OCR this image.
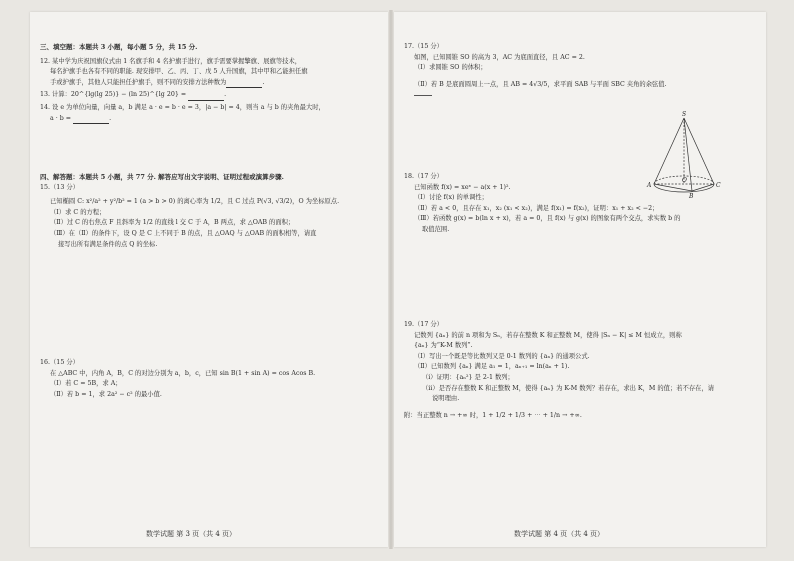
三、填空题：本题共 3 小题，每小题 5 分，共 15 分.
12. 某中学为庆祝国旗仪式由 1 名旗手和 4 名护旗手进行，旗手需要掌握擎旗、展旗等技术，
每名护旗手也各有不同的职能. 现安排甲、乙、丙、丁、戊 5 人升国旗，其中甲和乙能担任旗
手或护旗手，其他人只能担任护旗手，则不同的安排方法种数为	.
13. 计算：20^{lg(lg 25)} − (ln 25)^{lg 20} =	.
14. 设 e 为单位向量，向量 a，b 满足 a · e = b · e = 3，|a − b| = 4，则当 a 与 b 的夹角最大时，
a · b =	.
四、解答题：本题共 5 小题，共 77 分. 解答应写出文字说明、证明过程或演算步骤.
15.（13 分）
已知椭圆 C: x²/a² + y²/b² = 1 (a > b > 0) 的离心率为 1/2，且 C 过点 P(√3, √3/2)，O 为坐标原点.
（Ⅰ）求 C 的方程；
（Ⅱ）过 C 的右焦点 F 且斜率为 1/2 的直线 l 交 C 于 A，B 两点，求 △OAB 的面积；
（Ⅲ）在（Ⅱ）的条件下，设 Q 是 C 上不同于 B 的点，且 △OAQ 与 △OAB 的面积相等，请直
接写出所有满足条件的点 Q 的坐标.
16.（15 分）
在 △ABC 中，内角 A，B，C 的对边分别为 a，b，c，已知 sin B(1 + sin A) = cos Acos B.
（Ⅰ）若 C = 5B，求 A；
（Ⅱ）若 b = 1，求 2a² − c² 的最小值.
数学试题 第 3 页（共 4 页）
17.（15 分）
如图，已知圆锥 SO 的高为 3，AC 为底面直径，且 AC = 2.
（Ⅰ）求圆锥 SO 的体积；
（Ⅱ）若 B 是底面圆周上一点，且 AB = 4√3/5，求平面 SAB 与平面 SBC 夹角的余弦值.
S
A
B
C
O
18.（17 分）
已知函数 f(x) = xeˣ − a(x + 1)².
（Ⅰ）讨论 f(x) 的单调性；
（Ⅱ）若 a < 0，且存在 x₁，x₂ (x₁ < x₂)，满足 f(x₁) = f(x₂)，证明：x₁ + x₂ < −2；
（Ⅲ）若函数 g(x) = b(ln x + x)，若 a = 0，且 f(x) 与 g(x) 的图象有两个交点，求实数 b 的
取值范围.
19.（17 分）
记数列 {aₙ} 的前 n 项和为 Sₙ，若存在整数 K 和正整数 M，使得 |Sₙ − K| ≤ M 恒成立，则称
{aₙ} 为“K-M 数列”.
（Ⅰ）写出一个既是等比数列又是 0-1 数列的 {aₙ} 的通项公式.
（Ⅱ）已知数列 {aₙ} 满足 a₁ = 1，aₙ₊₁ = ln(aₙ + 1).
（ⅰ）证明：{aₙ²} 是 2-1 数列；
（ⅱ）是否存在整数 K 和正整数 M，使得 {aₙ} 为 K-M 数列？若存在，求出 K，M 的值；若不存在，请
说明理由.
附：当正整数 n → +∞ 时，1 + 1/2 + 1/3 + ⋯ + 1/n → +∞.
数学试题 第 4 页（共 4 页）
